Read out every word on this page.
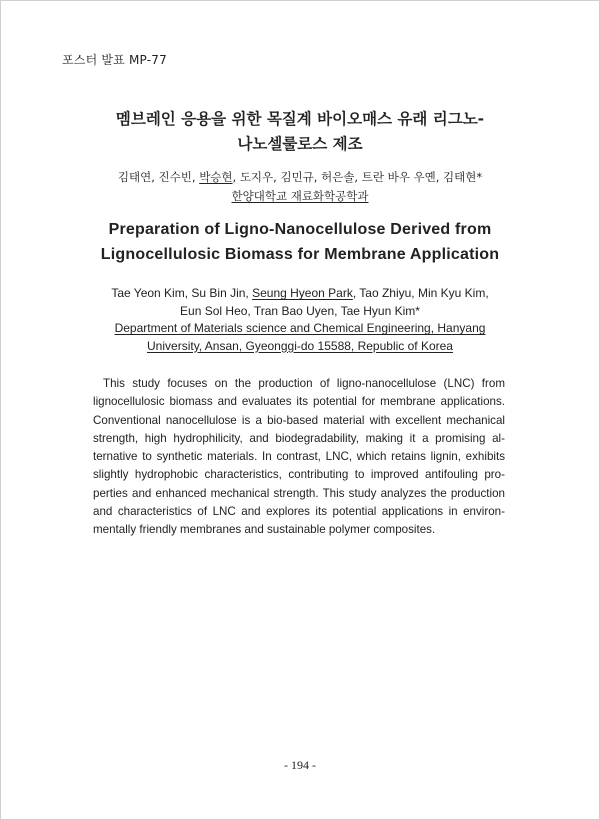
포스터 발표 MP-77
멤브레인 응용을 위한 목질계 바이오매스 유래 리그노-
나노셀룰로스 제조
김태연, 진수빈, 박승현, 도지우, 김민규, 허은솔, 트란 바우 우옌, 김태현*
한양대학교 재료화학공학과
Preparation of Ligno-Nanocellulose Derived from
Lignocellulosic Biomass for Membrane Application
Tae Yeon Kim, Su Bin Jin, Seung Hyeon Park, Tao Zhiyu, Min Kyu Kim, Eun Sol Heo, Tran Bao Uyen, Tae Hyun Kim*
Department of Materials science and Chemical Engineering, Hanyang
University, Ansan, Gyeonggi-do 15588, Republic of Korea

This study focuses on the production of ligno-nanocellulose (LNC) from lignocellulosic biomass and evaluates its potential for membrane applications. Conventional nanocellulose is a bio-based material with excellent mechanical strength, high hydrophilicity, and biodegradability, making it a promising alternative to synthetic materials. In contrast, LNC, which retains lignin, exhibits slightly hydrophobic characteristics, contributing to improved antifouling properties and enhanced mechanical strength. This study analyzes the production and characteristics of LNC and explores its potential applications in environmentally friendly membranes and sustainable polymer composites.

- 194 -
